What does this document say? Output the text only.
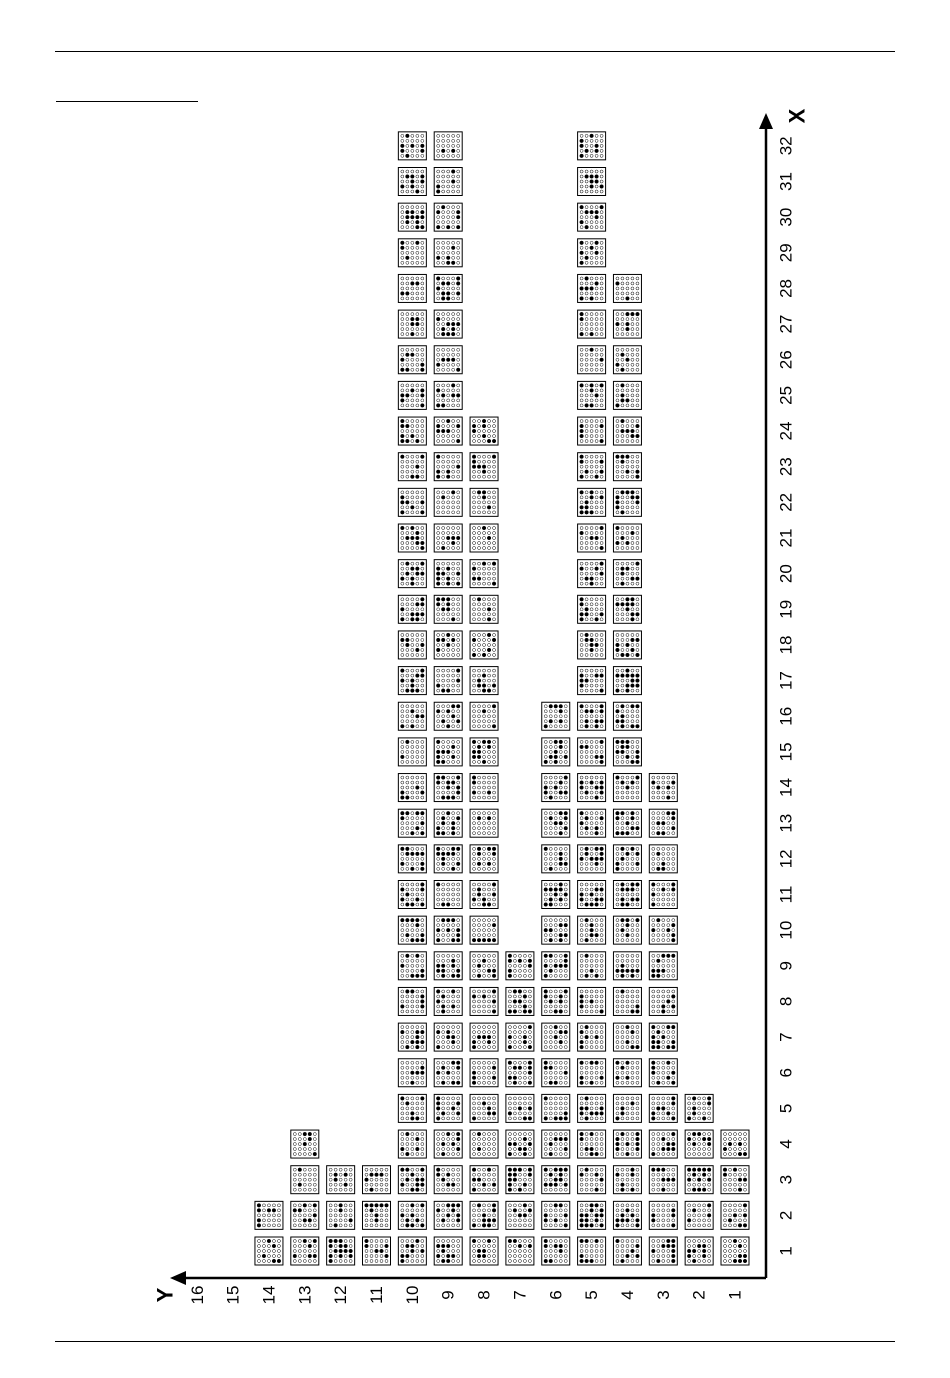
X
Y
1
2
3
4
5
6
7
8
9
10
11
12
13
14
15
16
17
18
19
20
21
22
23
24
25
26
27
28
29
30
31
32
1
2
3
4
5
6
7
8
9
10
11
12
13
14
15
16
